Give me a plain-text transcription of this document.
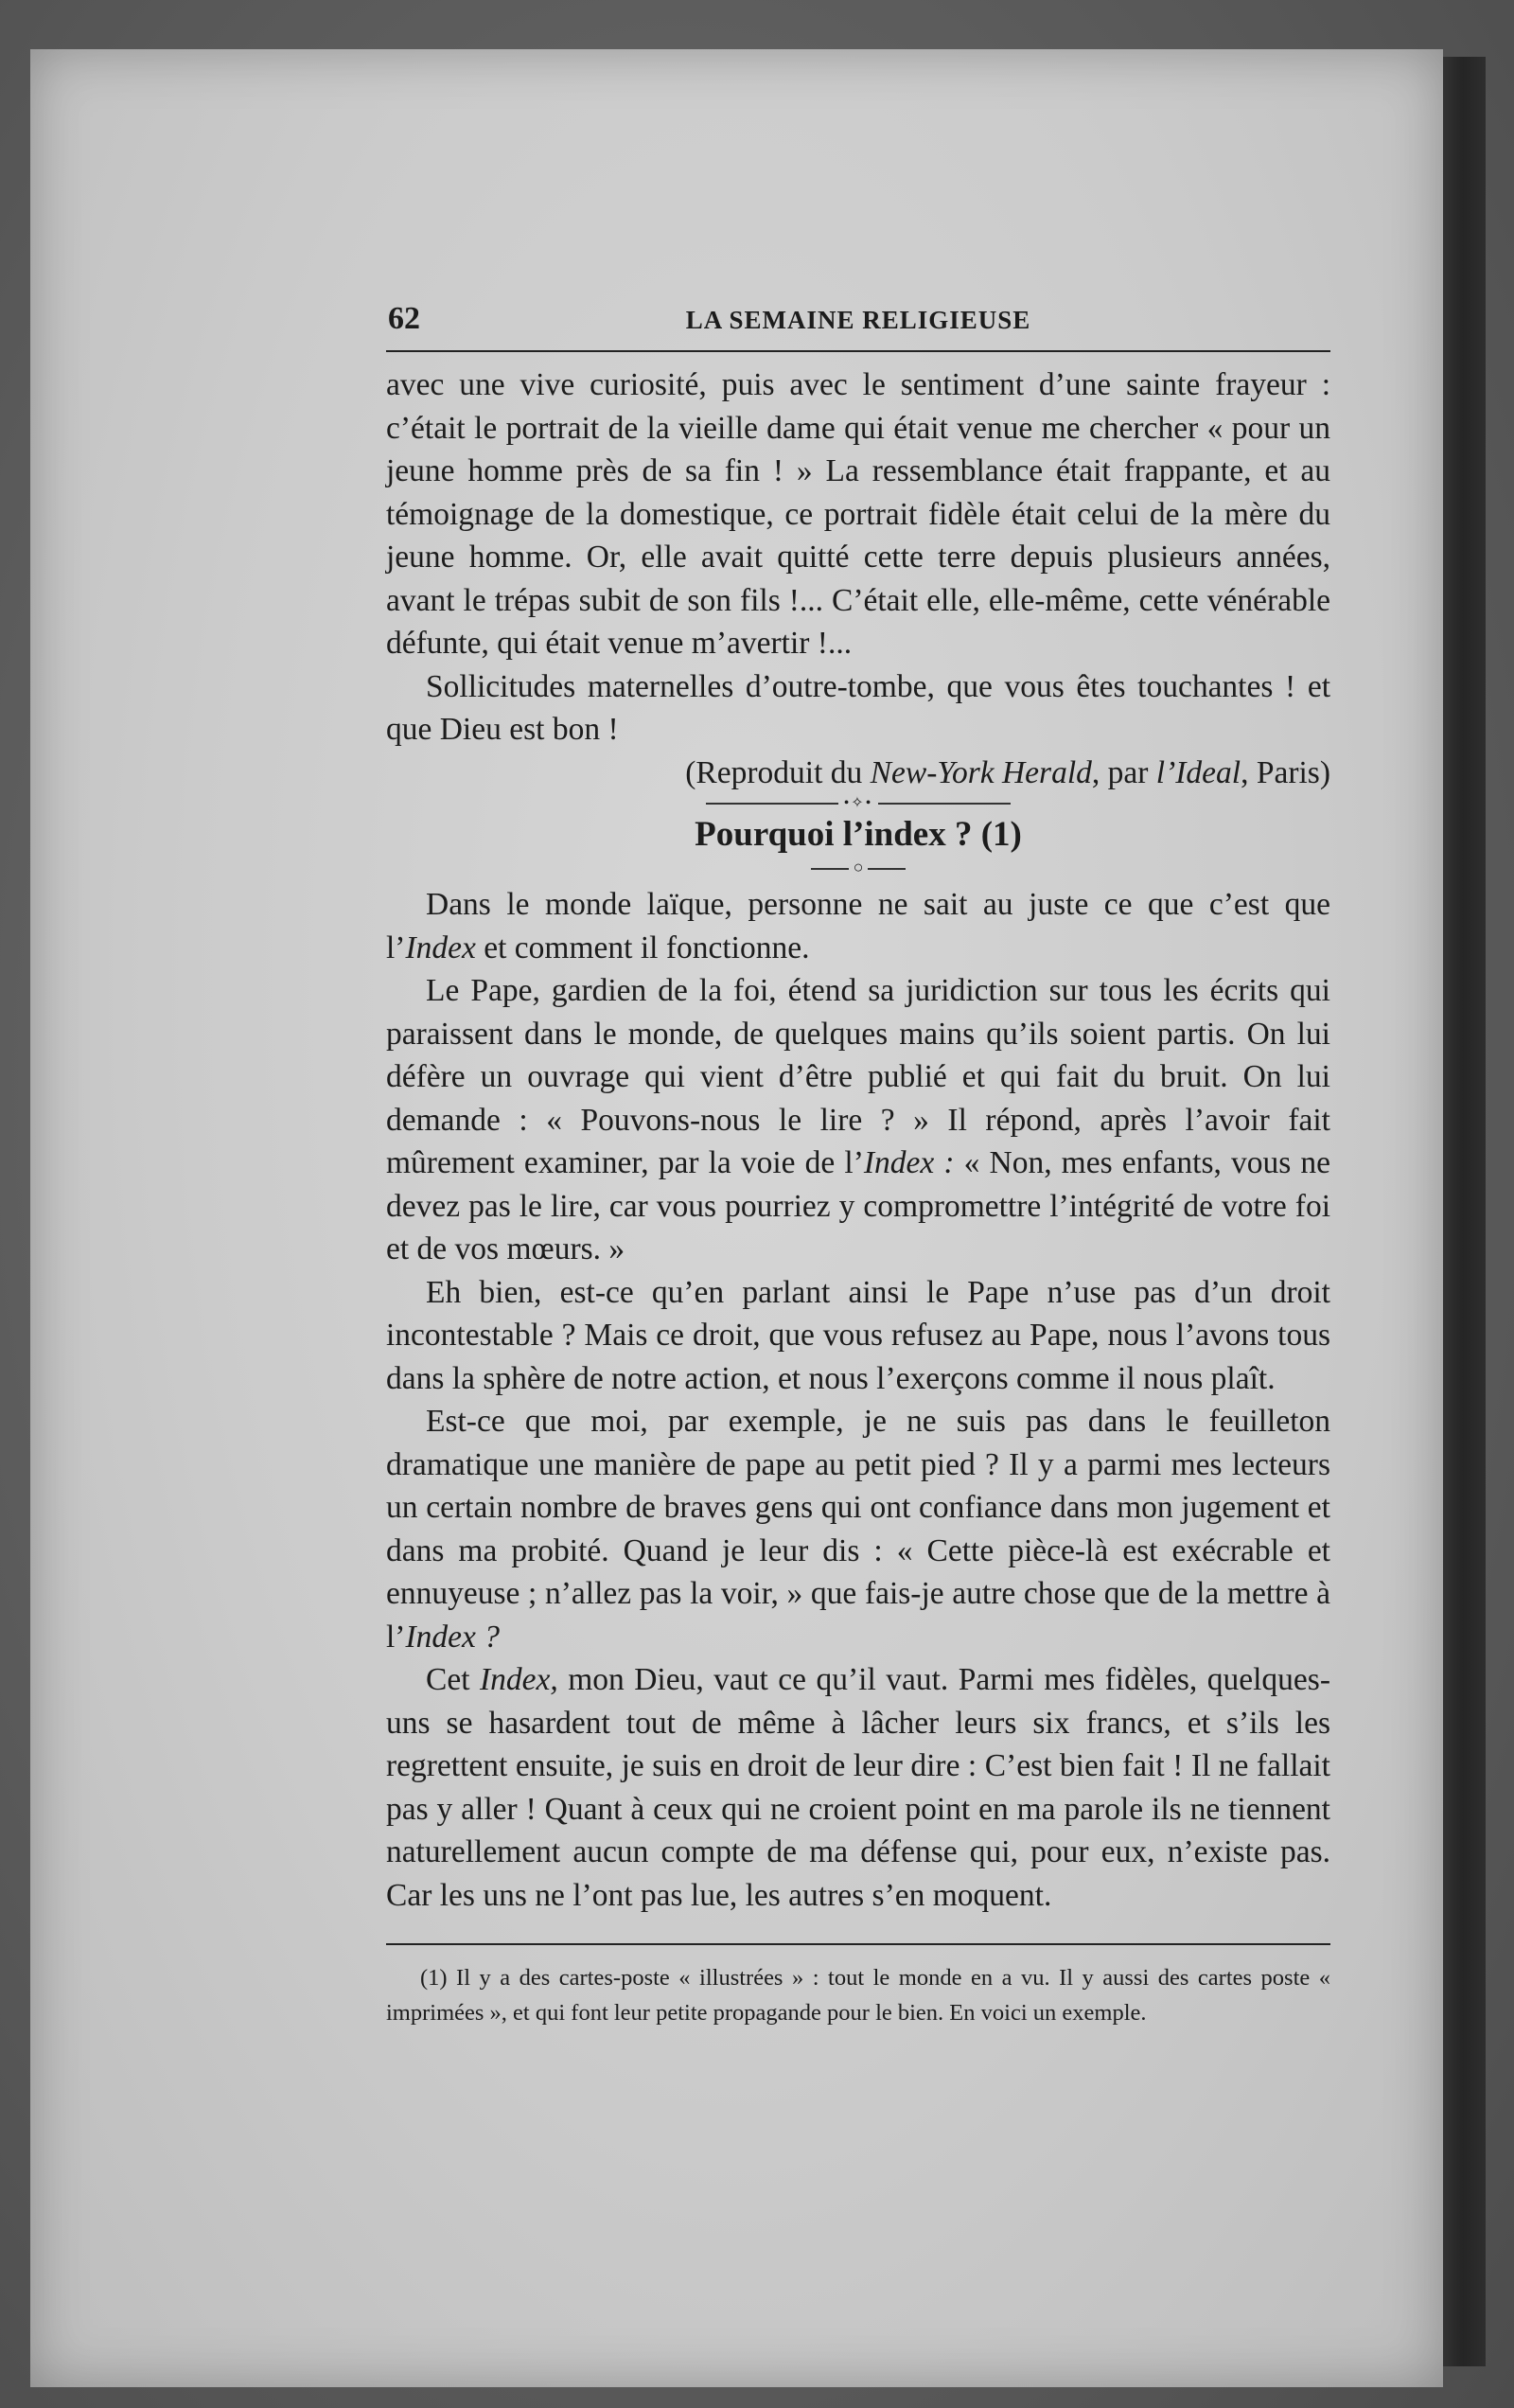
62	LA SEMAINE RELIGIEUSE

avec une vive curiosité, puis avec le sentiment d’une sainte frayeur : c’était le portrait de la vieille dame qui était venue me chercher « pour un jeune homme près de sa fin ! » La ressemblance était frappante, et au témoignage de la domestique, ce portrait fidèle était celui de la mère du jeune homme. Or, elle avait quitté cette terre depuis plusieurs années, avant le trépas subit de son fils !... C’était elle, elle-même, cette vénérable défunte, qui était venue m’avertir !...

Sollicitudes maternelles d’outre-tombe, que vous êtes touchantes ! et que Dieu est bon !

(Reproduit du New-York Herald, par l’Ideal, Paris)

•✧•
Pourquoi l’index ? (1)
○

Dans le monde laïque, personne ne sait au juste ce que c’est que l’Index et comment il fonctionne.

Le Pape, gardien de la foi, étend sa juridiction sur tous les écrits qui paraissent dans le monde, de quelques mains qu’ils soient partis. On lui défère un ouvrage qui vient d’être publié et qui fait du bruit. On lui demande : « Pouvons-nous le lire ? » Il répond, après l’avoir fait mûrement examiner, par la voie de l’Index : « Non, mes enfants, vous ne devez pas le lire, car vous pourriez y compromettre l’intégrité de votre foi et de vos mœurs. »

Eh bien, est-ce qu’en parlant ainsi le Pape n’use pas d’un droit incontestable ? Mais ce droit, que vous refusez au Pape, nous l’avons tous dans la sphère de notre action, et nous l’exerçons comme il nous plaît.

Est-ce que moi, par exemple, je ne suis pas dans le feuilleton dramatique une manière de pape au petit pied ? Il y a parmi mes lecteurs un certain nombre de braves gens qui ont confiance dans mon jugement et dans ma probité. Quand je leur dis : « Cette pièce-là est exécrable et ennuyeuse ; n’allez pas la voir, » que fais-je autre chose que de la mettre à l’Index ?

Cet Index, mon Dieu, vaut ce qu’il vaut. Parmi mes fidèles, quelques-uns se hasardent tout de même à lâcher leurs six francs, et s’ils les regrettent ensuite, je suis en droit de leur dire : C’est bien fait ! Il ne fallait pas y aller ! Quant à ceux qui ne croient point en ma parole ils ne tiennent naturellement aucun compte de ma défense qui, pour eux, n’existe pas. Car les uns ne l’ont pas lue, les autres s’en moquent.

(1) Il y a des cartes-poste « illustrées » : tout le monde en a vu. Il y aussi des cartes poste « imprimées », et qui font leur petite propagande pour le bien. En voici un exemple.
